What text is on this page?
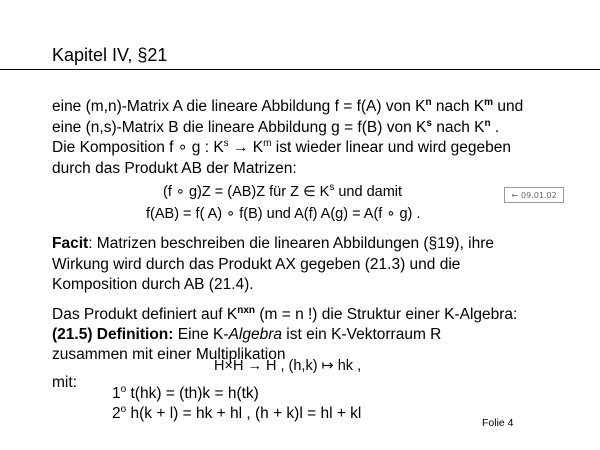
Kapitel IV, §21
eine (m,n)-Matrix A die lineare Abbildung f = f(A) von $K^n$ nach $K^m$ und
eine (n,s)-Matrix B die lineare Abbildung g = f(B) von $K^s$ nach $K^n$ .
Die Komposition f ∘ g : $K^s \to K^m$ ist wieder linear und wird gegeben
durch das Produkt AB der Matrizen:
(f ∘ g)Z = (AB)Z für Z ∈ $K^s$ und damit
f(AB) = f( A) ∘ f(B) und A(f) A(g) = A(f ∘ g) .
← 09.01.02
Facit: Matrizen beschreiben die linearen Abbildungen (§19), ihre
Wirkung wird durch das Produkt AX gegeben (21.3) und die
Komposition durch AB (21.4).
Das Produkt definiert auf $K^{nxn}$ (m = n !) die Struktur einer K-Algebra:
(21.5) Definition: Eine K-Algebra ist ein K-Vektorraum R
zusammen mit einer Multiplikation
H×H → H , (h,k) ↦ hk ,
mit:
1$^o$ t(hk) = (th)k = h(tk)
2$^o$ h(k + l) = hk + hl , (h + k)l = hl + kl
Folie 4
